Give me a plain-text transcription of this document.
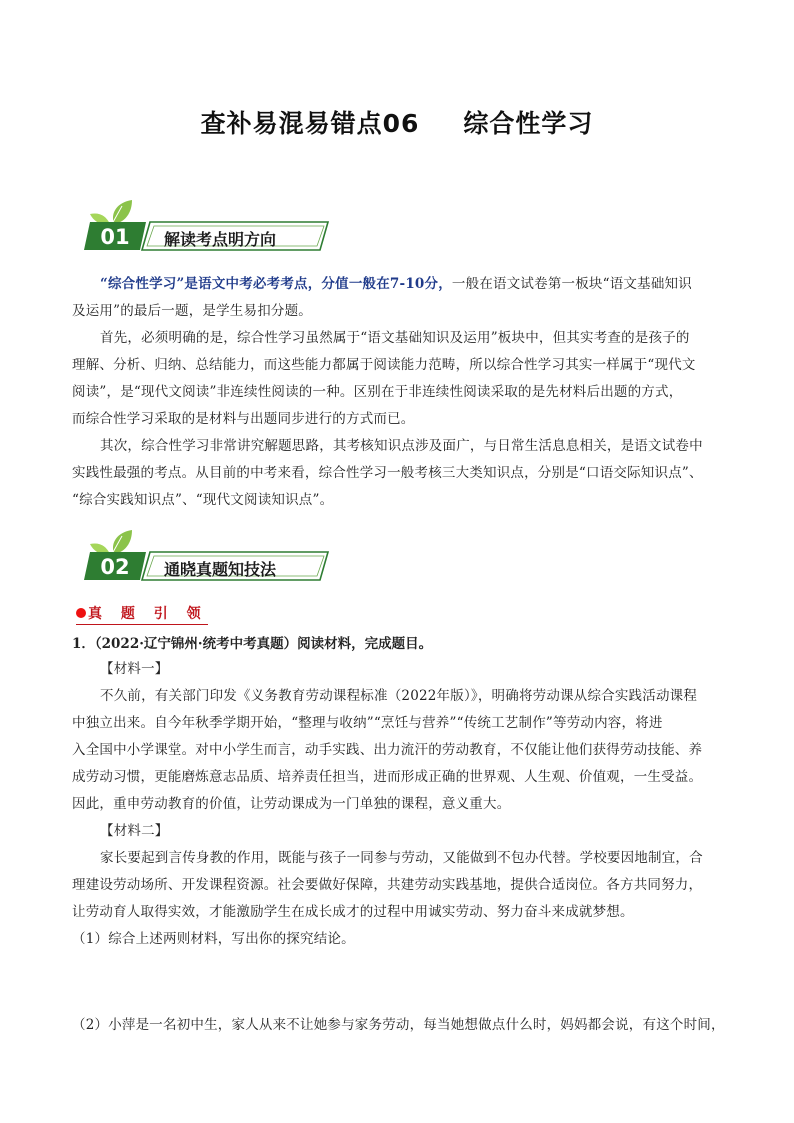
查补易混易错点06 综合性学习
01	解读考点明方向

“综合性学习”是语文中考必考考点，分值一般在7-10分，一般在语文试卷第一板块“语文基础知识

及运用”的最后一题，是学生易扣分题。

首先，必须明确的是，综合性学习虽然属于“语文基础知识及运用”板块中，但其实考查的是孩子的

理解、分析、归纳、总结能力，而这些能力都属于阅读能力范畴，所以综合性学习其实一样属于“现代文

阅读”，是“现代文阅读”非连续性阅读的一种。区别在于非连续性阅读采取的是先材料后出题的方式，

而综合性学习采取的是材料与出题同步进行的方式而已。

其次，综合性学习非常讲究解题思路，其考核知识点涉及面广，与日常生活息息相关，是语文试卷中

实践性最强的考点。从目前的中考来看，综合性学习一般考核三大类知识点，分别是“口语交际知识点”、

“综合实践知识点”、“现代文阅读知识点”。

02	通晓真题知技法
真 题 引 领
1．（2022·辽宁锦州·统考中考真题）阅读材料，完成题目。

【材料一】

不久前，有关部门印发《义务教育劳动课程标准（2022年版）》，明确将劳动课从综合实践活动课程

中独立出来。自今年秋季学期开始，“整理与收纳”“烹饪与营养”“传统工艺制作”等劳动内容，将进

入全国中小学课堂。对中小学生而言，动手实践、出力流汗的劳动教育，不仅能让他们获得劳动技能、养

成劳动习惯，更能磨炼意志品质、培养责任担当，进而形成正确的世界观、人生观、价值观，一生受益。

因此，重申劳动教育的价值，让劳动课成为一门单独的课程，意义重大。

【材料二】

家长要起到言传身教的作用，既能与孩子一同参与劳动，又能做到不包办代替。学校要因地制宜，合

理建设劳动场所、开发课程资源。社会要做好保障，共建劳动实践基地，提供合适岗位。各方共同努力，

让劳动育人取得实效，才能激励学生在成长成才的过程中用诚实劳动、努力奋斗来成就梦想。

（1）综合上述两则材料，写出你的探究结论。

（2）小萍是一名初中生，家人从来不让她参与家务劳动，每当她想做点什么时，妈妈都会说，有这个时间，
